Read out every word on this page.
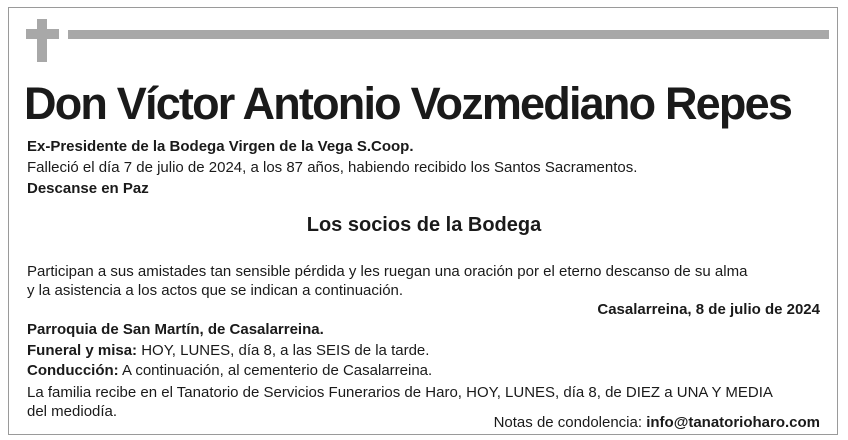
Don Víctor Antonio Vozmediano Repes
Ex-Presidente de la Bodega Virgen de la Vega S.Coop.
Falleció el día 7 de julio de 2024, a los 87 años, habiendo recibido los Santos Sacramentos.
Descanse en Paz
Los socios de la Bodega
Participan a sus amistades tan sensible pérdida y les ruegan una oración por el eterno descanso de su alma
y la asistencia a los actos que se indican a continuación.
Casalarreina, 8 de julio de 2024
Parroquia de San Martín, de Casalarreina.
Funeral y misa: HOY, LUNES, día 8, a las SEIS de la tarde.
Conducción: A continuación, al cementerio de Casalarreina.
La familia recibe en el Tanatorio de Servicios Funerarios de Haro, HOY, LUNES, día 8, de DIEZ a UNA Y MEDIA
del mediodía.
Notas de condolencia: info@tanatorioharo.com
